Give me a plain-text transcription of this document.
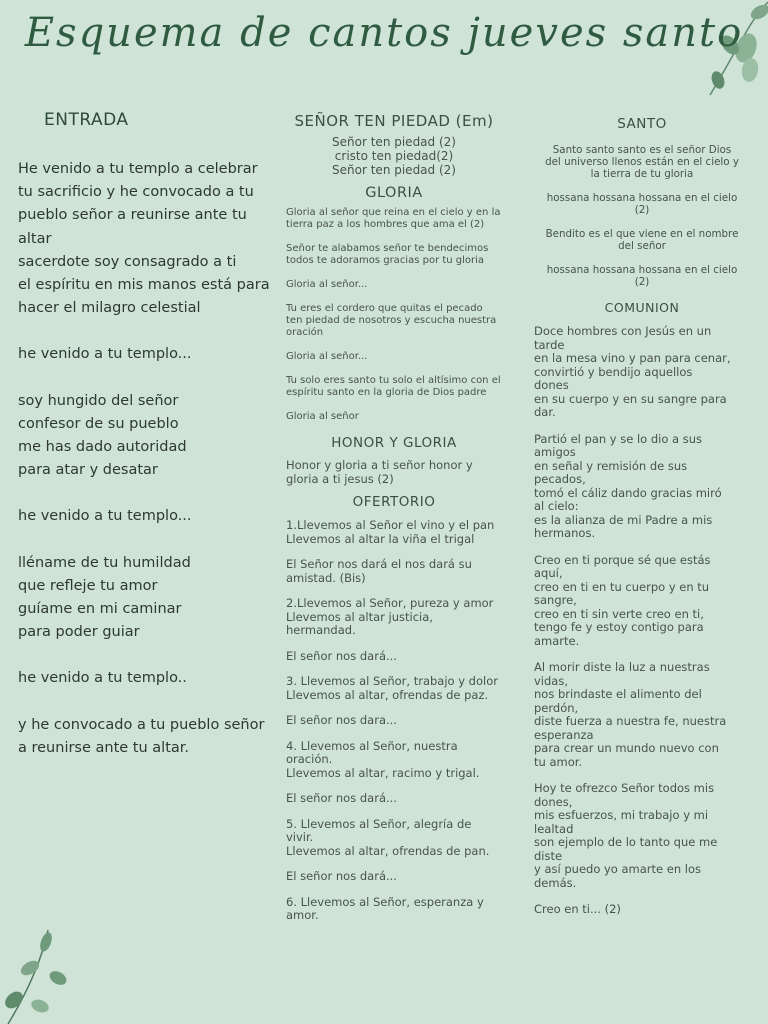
Esquema de cantos jueves santo
ENTRADA
He venido a tu templo a celebrar
tu sacrificio y he convocado a tu
pueblo señor a reunirse ante tu
altar
sacerdote soy consagrado a ti
el espíritu en mis manos está para
hacer el milagro celestial
he venido a tu templo...
soy hungido del señor
confesor de su pueblo
me has dado autoridad
para atar y desatar
he venido a tu templo...
lléname de tu humildad
que refleje tu amor
guíame en mi caminar
para poder guiar
he venido a tu templo..
y he convocado a tu pueblo señor
a reunirse ante tu altar.
SEÑOR TEN PIEDAD (Em)
Señor ten piedad (2)
cristo ten piedad(2)
Señor ten piedad (2)
GLORIA
Gloria al señor que reina en el cielo y en la
tierra paz a los hombres que ama el (2)
Señor te alabamos señor te bendecimos
todos te adoramos gracias por tu gloria
Gloria al señor...
Tu eres el cordero que quitas el pecado
ten piedad de nosotros y escucha nuestra
oración
Gloria al señor...
Tu solo eres santo tu solo el altísimo con el
espíritu santo en la gloria de Dios padre
Gloria al señor
HONOR Y GLORIA
Honor y gloria a ti señor honor y
gloria a ti jesus (2)
OFERTORIO
1.Llevemos al Señor el vino y el pan
Llevemos al altar la viña el trigal
El Señor nos dará el nos dará su
amistad. (Bis)
2.Llevemos al Señor, pureza y amor
Llevemos al altar justicia,
hermandad.
El señor nos dará...
3. Llevemos al Señor, trabajo y dolor
Llevemos al altar, ofrendas de paz.
El señor nos dara...
4. Llevemos al Señor, nuestra
oración.
Llevemos al altar, racimo y trigal.
El señor nos dará...
5. Llevemos al Señor, alegría de vivir.
Llevemos al altar, ofrendas de pan.
El señor nos dará...
6. Llevemos al Señor, esperanza y
amor.
SANTO
Santo santo santo es el señor Dios
del universo llenos están en el cielo y
la tierra de tu gloria
hossana hossana hossana en el cielo
(2)
Bendito es el que viene en el nombre
del señor
hossana hossana hossana en el cielo
(2)
COMUNION
Doce hombres con Jesús en un
tarde
en la mesa vino y pan para cenar,
convirtió y bendijo aquellos
dones
en su cuerpo y en su sangre para
dar.
Partió el pan y se lo dio a sus
amigos
en señal y remisión de sus
pecados,
tomó el cáliz dando gracias miró
al cielo:
es la alianza de mi Padre a mis
hermanos.
Creo en ti porque sé que estás
aquí,
creo en ti en tu cuerpo y en tu
sangre,
creo en ti sin verte creo en ti,
tengo fe y estoy contigo para
amarte.
Al morir diste la luz a nuestras
vidas,
nos brindaste el alimento del
perdón,
diste fuerza a nuestra fe, nuestra
esperanza
para crear un mundo nuevo con
tu amor.
Hoy te ofrezco Señor todos mis
dones,
mis esfuerzos, mi trabajo y mi
lealtad
son ejemplo de lo tanto que me
diste
y así puedo yo amarte en los
demás.
Creo en ti... (2)
